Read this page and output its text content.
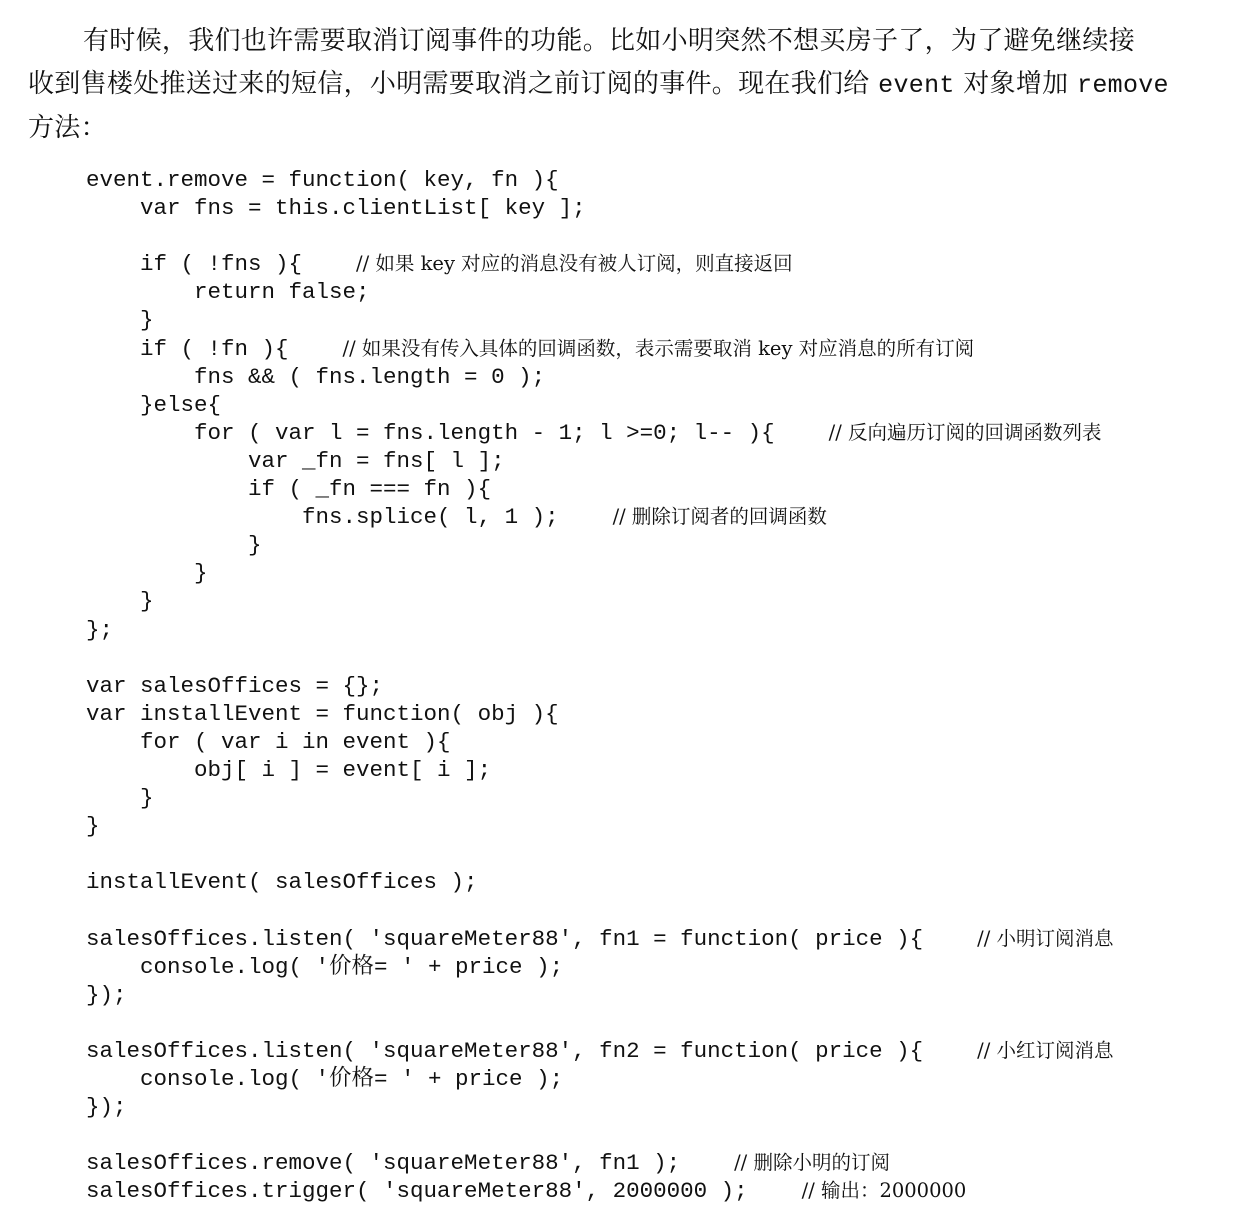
有时候，我们也许需要取消订阅事件的功能。比如小明突然不想买房子了，为了避免继续接
收到售楼处推送过来的短信，小明需要取消之前订阅的事件。现在我们给 event 对象增加 remove
方法：

event.remove = function( key, fn ){
var fns = this.clientList[ key ];
if ( !fns ){    // 如果 key 对应的消息没有被人订阅，则直接返回
return false;
}
if ( !fn ){    // 如果没有传入具体的回调函数，表示需要取消 key 对应消息的所有订阅
fns && ( fns.length = 0 );
}else{
for ( var l = fns.length - 1; l >=0; l-- ){    // 反向遍历订阅的回调函数列表
var _fn = fns[ l ];
if ( _fn === fn ){
fns.splice( l, 1 );    // 删除订阅者的回调函数
}
}
}
};
var salesOffices = {};
var installEvent = function( obj ){
for ( var i in event ){
obj[ i ] = event[ i ];
}
}
installEvent( salesOffices );
salesOffices.listen( 'squareMeter88', fn1 = function( price ){    // 小明订阅消息
console.log( '价格= ' + price );
});
salesOffices.listen( 'squareMeter88', fn2 = function( price ){    // 小红订阅消息
console.log( '价格= ' + price );
});
salesOffices.remove( 'squareMeter88', fn1 );    // 删除小明的订阅
salesOffices.trigger( 'squareMeter88', 2000000 );    // 输出：2000000
